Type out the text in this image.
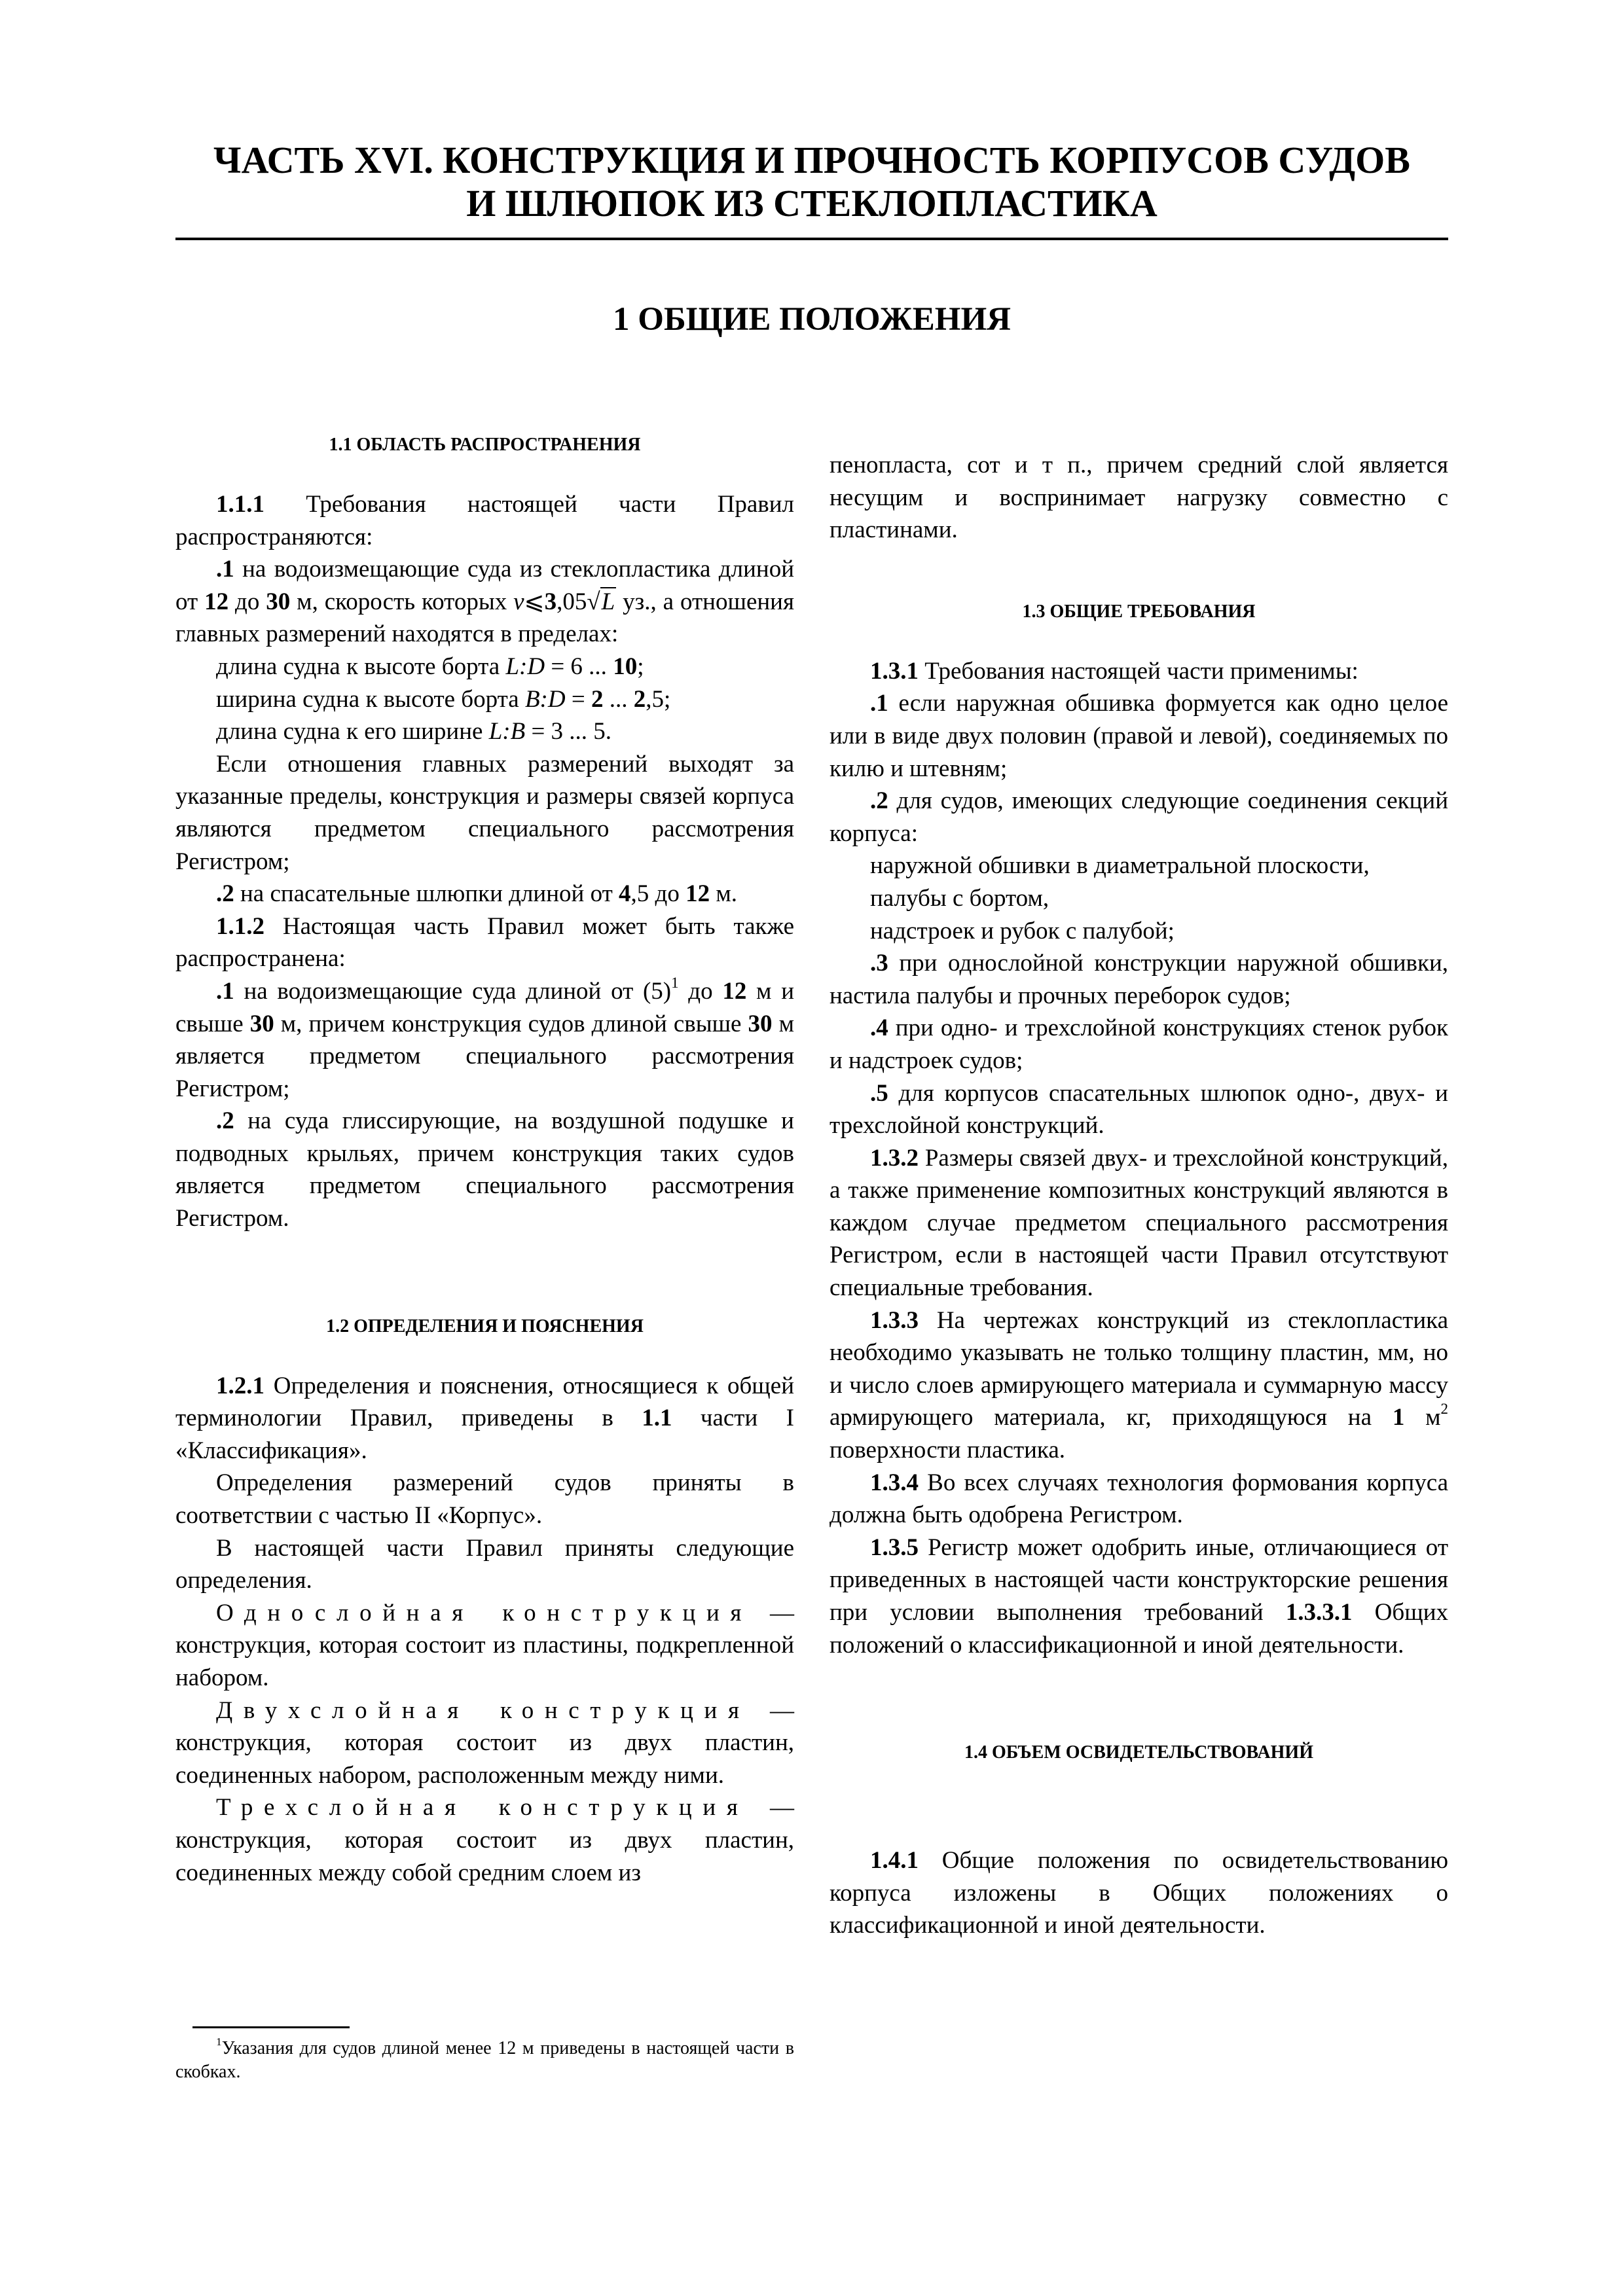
ЧАСТЬ XVI. КОНСТРУКЦИЯ И ПРОЧНОСТЬ КОРПУСОВ СУДОВ
И ШЛЮПОК ИЗ СТЕКЛОПЛАСТИКА
1 ОБЩИЕ ПОЛОЖЕНИЯ
1.1 ОБЛАСТЬ РАСПРОСТРАНЕНИЯ

1.1.1 Требования настоящей части Правил распространяются:

.1 на водоизмещающие суда из стеклопластика длиной от 12 до 30 м, скорость которых v⩽3,05√L уз., а отношения главных размерений находятся в пределах:

длина судна к высоте борта L:D = 6 ... 10;

ширина судна к высоте борта B:D = 2 ... 2,5;

длина судна к его ширине L:B = 3 ... 5.

Если отношения главных размерений выходят за указанные пределы, конструкция и размеры связей корпуса являются предметом специального рассмотрения Регистром;

.2 на спасательные шлюпки длиной от 4,5 до 12 м.

1.1.2 Настоящая часть Правил может быть также распространена:

.1 на водоизмещающие суда длиной от $(5)^1$ до 12 м и свыше 30 м, причем конструкция судов длиной свыше 30 м является предметом специального рассмотрения Регистром;

.2 на суда глиссирующие, на воздушной подушке и подводных крыльях, причем конструкция таких судов является предметом специального рассмотрения Регистром.

1.2 ОПРЕДЕЛЕНИЯ И ПОЯСНЕНИЯ

1.2.1 Определения и пояснения, относящиеся к общей терминологии Правил, приведены в 1.1 части I «Классификация».

Определения размерений судов приняты в соответствии с частью II «Корпус».

В настоящей части Правил приняты следующие определения.

Однослойная конструкция — конструкция, которая состоит из пластины, подкрепленной набором.

Двухслойная конструкция — конструкция, которая состоит из двух пластин, соединенных набором, расположенным между ними.

Трехслойная конструкция — конструкция, которая состоит из двух пластин, соединенных между собой средним слоем из

$^1$Указания для судов длиной менее 12 м приведены в настоящей части в скобках.

пенопласта, сот и т п., причем средний слой является несущим и воспринимает нагрузку совместно с пластинами.

1.3 ОБЩИЕ ТРЕБОВАНИЯ

1.3.1 Требования настоящей части применимы:

.1 если наружная обшивка формуется как одно целое или в виде двух половин (правой и левой), соединяемых по килю и штевням;

.2 для судов, имеющих следующие соединения секций корпуса:

наружной обшивки в диаметральной плоскости,

палубы с бортом,

надстроек и рубок с палубой;

.3 при однослойной конструкции наружной обшивки, настила палубы и прочных переборок судов;

.4 при одно- и трехслойной конструкциях стенок рубок и надстроек судов;

.5 для корпусов спасательных шлюпок одно-, двух- и трехслойной конструкций.

1.3.2 Размеры связей двух- и трехслойной конструкций, а также применение композитных конструкций являются в каждом случае предметом специального рассмотрения Регистром, если в настоящей части Правил отсутствуют специальные требования.

1.3.3 На чертежах конструкций из стеклопластика необходимо указывать не только толщину пластин, мм, но и число слоев армирующего материала и суммарную массу армирующего материала, кг, приходящуюся на 1 $м^2$ поверхности пластика.

1.3.4 Во всех случаях технология формования корпуса должна быть одобрена Регистром.

1.3.5 Регистр может одобрить иные, отличающиеся от приведенных в настоящей части конструкторские решения при условии выполнения требований 1.3.3.1 Общих положений о классификационной и иной деятельности.

1.4 ОБЪЕМ ОСВИДЕТЕЛЬСТВОВАНИЙ

1.4.1 Общие положения по освидетельствованию корпуса изложены в Общих положениях о классификационной и иной деятельности.
